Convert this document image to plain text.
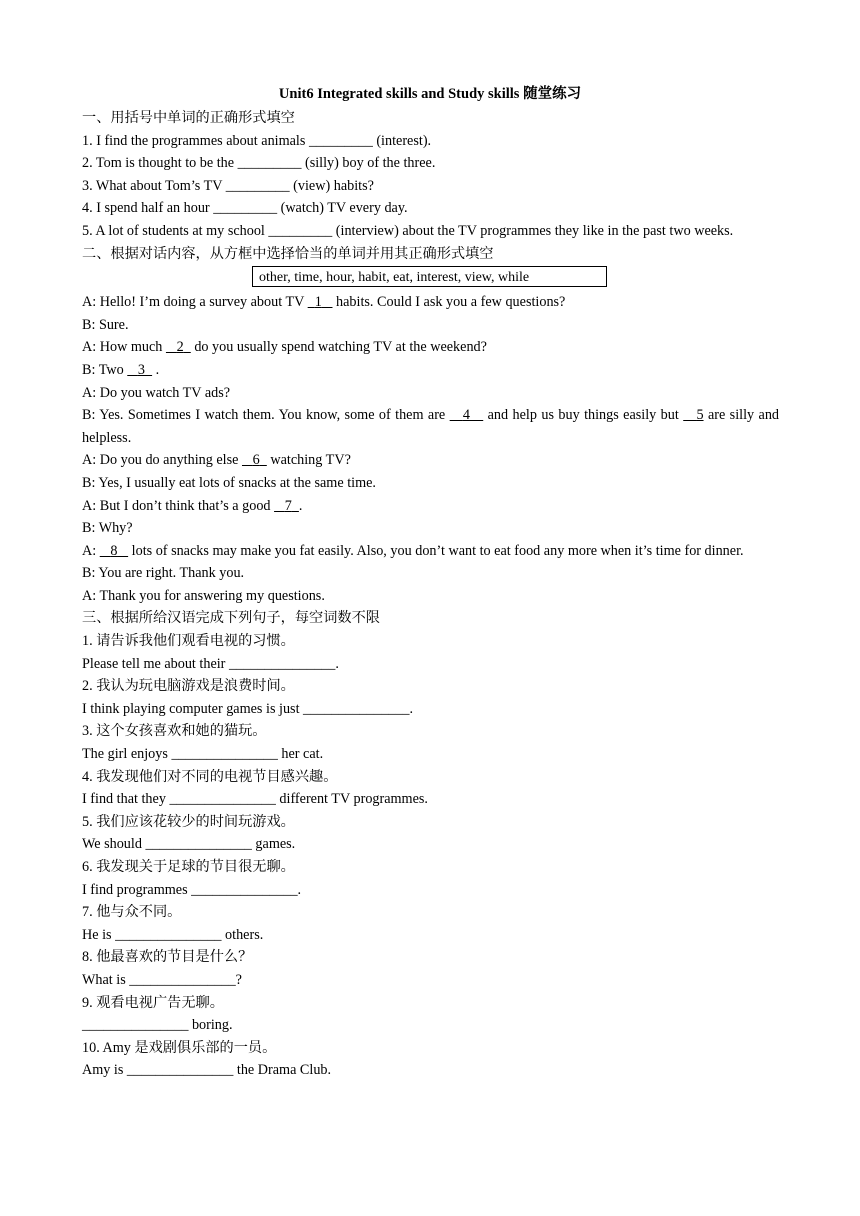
Unit6 Integrated skills and Study skills 随堂练习

一、用括号中单词的正确形式填空

1. I find the programmes about animals _________ (interest).

2. Tom is thought to be the _________ (silly) boy of the three.

3. What about Tom’s TV _________ (view) habits?

4. I spend half an hour _________ (watch) TV every day.

5. A lot of students at my school _________ (interview) about the TV programmes they like in the past two weeks.

二、根据对话内容，从方框中选择恰当的单词并用其正确形式填空

other, time, hour, habit, eat, interest, view, while

A: Hello! I’m doing a survey about TV   1    habits. Could I ask you a few questions?

B: Sure.

A: How much    2   do you usually spend watching TV at the weekend?

B: Two    3   .

A: Do you watch TV ads?

B: Yes. Sometimes I watch them. You know, some of them are    4    and help us buy things easily but    5 are silly and helpless.

A: Do you do anything else    6   watching TV?

B: Yes, I usually eat lots of snacks at the same time.

A: But I don’t think that’s a good    7 .

B: Why?

A:    8    lots of snacks may make you fat easily. Also, you don’t want to eat food any more when it’s time for dinner.

B: You are right. Thank you.

A: Thank you for answering my questions.

三、根据所给汉语完成下列句子，每空词数不限

1. 请告诉我他们观看电视的习惯。

Please tell me about their _______________.

2. 我认为玩电脑游戏是浪费时间。

I think playing computer games is just _______________.

3. 这个女孩喜欢和她的猫玩。

The girl enjoys _______________ her cat.

4. 我发现他们对不同的电视节目感兴趣。

I find that they _______________ different TV programmes.

5. 我们应该花较少的时间玩游戏。

We should _______________ games.

6. 我发现关于足球的节目很无聊。

I find programmes _______________.

7. 他与众不同。

He is _______________ others.

8. 他最喜欢的节目是什么？

What is _______________?

9. 观看电视广告无聊。

_______________ boring.

10. Amy 是戏剧俱乐部的一员。

Amy is _______________ the Drama Club.
